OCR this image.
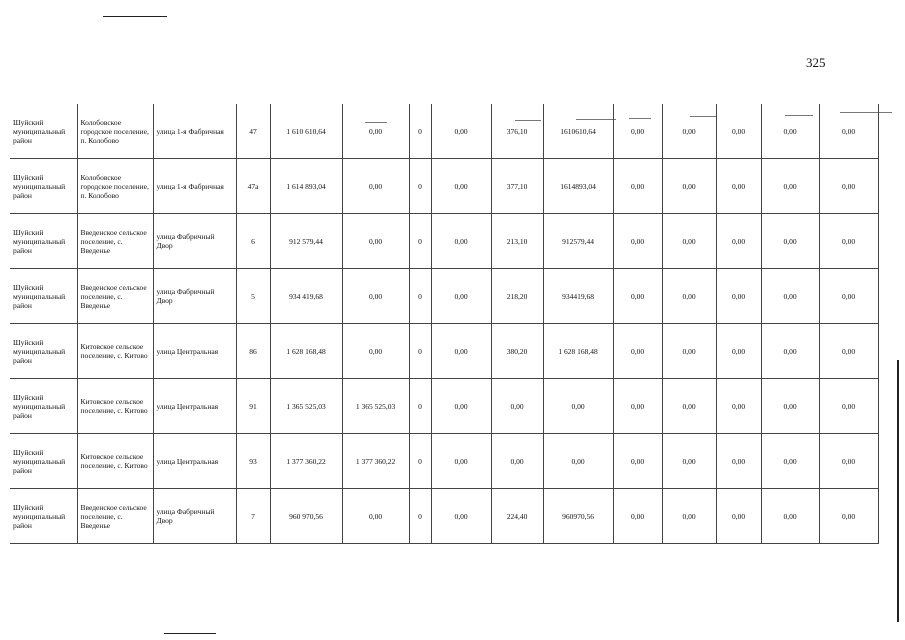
325
Шуйский муниципальный район	Колобовское городское поселение, п. Колобово	улица 1-я Фабричная	47	1 610 610,64	0,00	0	0,00	376,10	1610610,64	0,00	0,00	0,00	0,00	0,00
Шуйский муниципальный район	Колобовское городское поселение, п. Колобово	улица 1-я Фабричная	47а	1 614 893,04	0,00	0	0,00	377,10	1614893,04	0,00	0,00	0,00	0,00	0,00
Шуйский муниципальный район	Введенское сельское поселение, с. Введенье	улица Фабричный Двор	6	912 579,44	0,00	0	0,00	213,10	912579,44	0,00	0,00	0,00	0,00	0,00
Шуйский муниципальный район	Введенское сельское поселение, с. Введенье	улица Фабричный Двор	5	934 419,68	0,00	0	0,00	218,20	934419,68	0,00	0,00	0,00	0,00	0,00
Шуйский муниципальный район	Китовское сельское поселение, с. Китово	улица Центральная	86	1 628 168,48	0,00	0	0,00	380,20	1 628 168,48	0,00	0,00	0,00	0,00	0,00
Шуйский муниципальный район	Китовское сельское поселение, с. Китово	улица Центральная	91	1 365 525,03	1 365 525,03	0	0,00	0,00	0,00	0,00	0,00	0,00	0,00	0,00
Шуйский муниципальный район	Китовское сельское поселение, с. Китово	улица Центральная	93	1 377 360,22	1 377 360,22	0	0,00	0,00	0,00	0,00	0,00	0,00	0,00	0,00
Шуйский муниципальный район	Введенское сельское поселение, с. Введенье	улица Фабричный Двор	7	960 970,56	0,00	0	0,00	224,40	960970,56	0,00	0,00	0,00	0,00	0,00
